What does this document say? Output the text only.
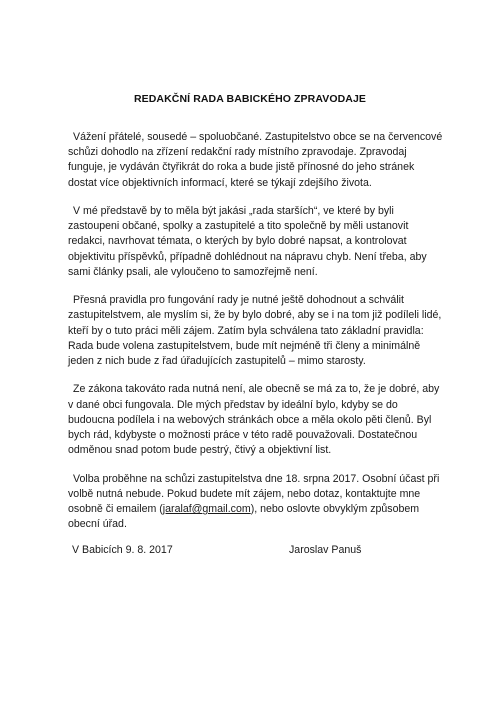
REDAKČNÍ RADA BABICKÉHO ZPRAVODAJE

Vážení přátelé, sousedé – spoluobčané. Zastupitelstvo obce se na červencové
schůzi dohodlo na zřízení redakční rady místního zpravodaje. Zpravodaj
funguje, je vydáván čtyřikrát do roka a bude jistě přínosné do jeho stránek
dostat více objektivních informací, které se týkají zdejšího života.

V mé představě by to měla být jakási „rada starších“, ve které by byli
zastoupeni občané, spolky a zastupitelé a tito společně by měli ustanovit
redakci, navrhovat témata, o kterých by bylo dobré napsat, a kontrolovat
objektivitu příspěvků, případně dohlédnout na nápravu chyb. Není třeba, aby
sami články psali, ale vyloučeno to samozřejmě není.

Přesná pravidla pro fungování rady je nutné ještě dohodnout a schválit
zastupitelstvem, ale myslím si, že by bylo dobré, aby se i na tom již podíleli lidé,
kteří by o tuto práci měli zájem. Zatím byla schválena tato základní pravidla:
Rada bude volena zastupitelstvem, bude mít nejméně tři členy a minimálně
jeden z nich bude z řad úřadujících zastupitelů – mimo starosty.

Ze zákona takováto rada nutná není, ale obecně se má za to, že je dobré, aby
v dané obci fungovala. Dle mých představ by ideální bylo, kdyby se do
budoucna podílela i na webových stránkách obce a měla okolo pěti členů. Byl
bych rád, kdybyste o možnosti práce v této radě pouvažovali. Dostatečnou
odměnou snad potom bude pestrý, čtivý a objektivní list.

Volba proběhne na schůzi zastupitelstva dne 18. srpna 2017. Osobní účast při
volbě nutná nebude. Pokud budete mít zájem, nebo dotaz, kontaktujte mne
osobně či emailem (jaralaf@gmail.com), nebo oslovte obvyklým způsobem
obecní úřad.

V Babicích 9. 8. 2017	Jaroslav Panuš
